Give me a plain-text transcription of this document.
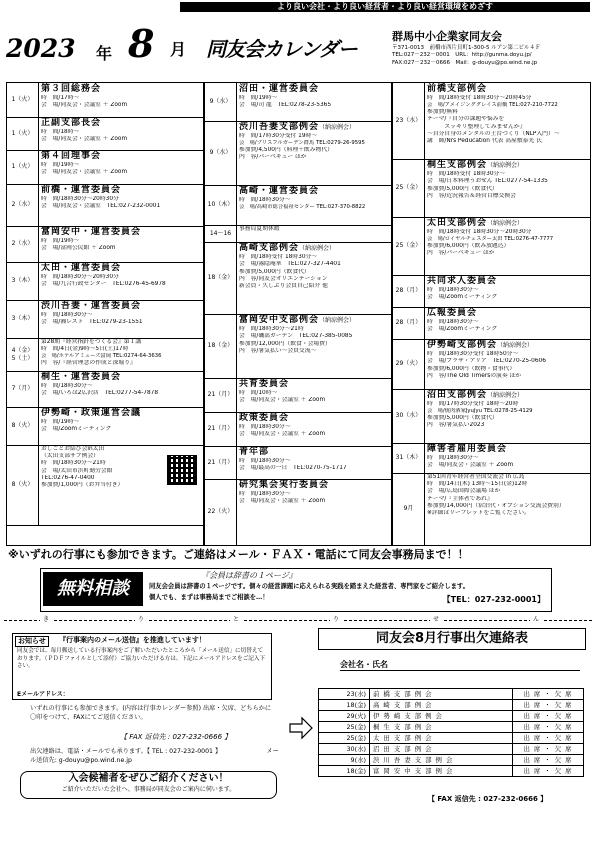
より良い会社・より良い経営者・より良い経営環境をめざす
2023 年 8 月 同友会カレンダー
群馬中小企業家同友会
〒371-0013　前橋市西片貝町1-300-5 ルアン第二ビル４Ｆ
TEL:027－232－0001　URL：http://gunma.doyu.jp/
FAX:027－232－0666　Mail：g-douyu@po.wind.ne.jp
1（火）
第３回総務会
時　間/17時～
会　場/同友会・会議室 ＋ Zoom
1（火）
正副支部長会
時　間/18時～
会　場/同友会・会議室 ＋ Zoom
1（火）
第４回理事会
時　間/19時～
会　場/同友会・会議室 ＋ Zoom
2（水）
前橋・運営委員会
時　間/18時30分～20時30分
会　場/同友会・会議室　TEL:027-232-0001
2（水）
富岡安中・運営委員会
時　間/19時～
会　場/富岡公民館 ＋ Zoom
3（木）
太田・運営委員会
時　間/18時30分～20時30分
会　場/九合行政センター　TEL:0276-45-6978
3（木）
渋川吾妻・運営委員会
時　間/18時30分～
会　場/湘レスト　TEL:0279-23-1551
4（金）
5（土）
第28期『経営指針をつくる会』第１講
時　間/4日(金)9時～5日(土)17時
会　場/ホテルアミューズ富岡 TEL:0274-64-3636
内　容/『経営理念の作成と深堀り』
7（月）
桐生・運営委員会
時　間/18時30分～
会　場/いろは2広沢店　TEL:0277-54-7878
8（火）
伊勢崎・政策運営会議
時　間/19時～
会　場/Zoomミーティング
8（火）
おしごとお結び会in太田
（太田支部サブ例会）
時　間/18時30分～21時
会　場/太田市浜町勤労会館
TEL:0276-47-0400
参加費/1,000円（お弁当付き）
9（水）
沼田・運営委員会
時　間/19時～
会　場/司 龍　TEL:0278-23-5365
9（水）
渋川吾妻支部例会（納涼例会）
時　間/17時30分受付 19時～
会　場/ブリスフルガーデン群馬 TEL:0279-26-9595
参加費/4,500円（料理＋飲み物代）
内　容/バーベキュー ほか
10（木）
高崎・運営委員会
時　間/18時30分～
会　場/高崎市総合福祉センター TEL:027-370-8822
14～16
事務局夏期休暇
18（金）
高崎支部例会（納涼例会）
時　間/18時受付 18時30分～
会　場/霧隠庵華　TEL:027-327-4401
参加費/5,000円（飲食代）
内　容/同友会オリエンテーション
新会員・久しぶり会員自己紹介 他
18（金）
富岡安中支部例会（納涼例会）
時　間/18時30分～21時
会　場/磯部ガーデン　TEL:027-385-0085
参加費/12,000円（飲食・会場費）
内　容/暑気払い～会員交流～
21（月）
共育委員会
時　間/10時～
会　場/同友会・会議室 ＋ Zoom
21（月）
政策委員会
時　間/18時30分～
会　場/同友会・会議室 ＋ Zoom
21（月）
青年部
時　間/18時30分～
会　場/最高の一日　TEL:0270-75-1717
22（火）
研究集会実行委員会
時　間/18時30分～
会　場/同友会・会議室 ＋ Zoom
23（水）
前橋支部例会
時　間/18時受付 18時30分～20時45分
会　場/アメイジンググレイス前橋 TEL:027-210-7722
参加費/無料
テーマ/『自分の課題や悩みを
　　　スッキリ整理してみませんか』
～自分自身のメンタルの土台づくり（NLP入門）～
講　師/Nrs Peducation 代表 高屋敷泰光 氏
25（金）
桐生支部例会（納涼例会）
時　間/18時受付 18時30分～
会　場/日本料理うおせん TEL:0277-54-1335
参加費/5,000円（飲食代）
内　容/近況報告＆経営目標交換会
25（金）
太田支部例会（納涼例会）
時　間/18時受付 18時30分～20時30分
会　場/ロイヤルチェスター太田 TEL:0276-47-7777
参加費/6,000円（飲み放題込）
内　容/バーベキュー ほか
28（月）
共同求人委員会
時　間/18時30分～
会　場/Zoomミーティング
28（月）
広報委員会
時　間/18時30分～
会　場/Zoomミーティング
29（火）
伊勢崎支部例会（納涼例会）
時　間/18時30分受付 18時50分～
会　場/プラザ・アリア　TEL:0270-25-0606
参加費/6,000円（飲物・食事代）
内　容/The Old Timersの演奏 ほか
30（水）
沼田支部例会（納涼例会）
時　間/17時30分受付 18時～20時
会　場/焼肉酒家JyuJyu TEL:0278-25-4129
参加費/5,000円（飲食代）
内　容/暑気払い2023
31（木）
障害者雇用委員会
時　間/18時30分～
会　場/同友会・会議室 ＋ Zoom
9月
第51回青年経営者全国交流会 in 広島
時　間/14日(木) 13時～15日(金)12時
会　場/広島国際会議場 ほか
テーマ/『主体者であれ』
参加費/14,000円（宿泊代・オプション交流会費別）
※詳細はリーフレットをご覧ください。
※いずれの行事にも参加できます。ご連絡はメール・ＦＡＸ・電話にて同友会事務局まで！！
無料相談
『会員は辞書の１ページ』
同友会会員は辞書の１ページです。個々の経営課題に応えられる実践を踏まえた経営者、専門家をご紹介します。
個人でも、まずは事務局までご相談を…！	【TEL：027-232-0001】
き	り	と	り	せ	ん
お知らせ	『行事案内のメール送信』を推進しています！
同友会では、毎月郵送している行事案内をご了解いただいたところから「メール送信」に切替えております。（ＰＤＦファイルとして添付）ご協力いただける方は、下記にメールアドレスをご記入下さい。
Eメールアドレス：
いずれの行事にも参加できます。(内容は行事カレンダー参照) 出席・欠席、どちらかに〇印をつけて、FAXにてご返信ください。
【 FAX 返信先 : 027-232-0666 】
出欠連絡は、電話・メールでも承ります。【 TEL : 027-232-0001 】 　　　　　　　メール送信先: g-douyu@po.wind.ne.jp
入会候補者をぜひご紹介ください！
ご紹介いただいた会社へ、事務局が同友会のご案内に伺います。
同友会8月行事出欠連絡表
会社名・氏名
23(水)	前 橋 支 部 例 会	出 席 ・ 欠 席
18(金)	高 崎 支 部 例 会	出 席 ・ 欠 席
29(火)	伊 勢 崎 支 部 例 会	出 席 ・ 欠 席
25(金)	桐 生 支 部 例 会	出 席 ・ 欠 席
25(金)	太 田 支 部 例 会	出 席 ・ 欠 席
30(水)	沼 田 支 部 例 会	出 席 ・ 欠 席
9(水)	渋 川 吾 妻 支 部 例 会	出 席 ・ 欠 席
18(金)	富 岡 安 中 支 部 例 会	出 席 ・ 欠 席
【 FAX 返信先 : 027-232-0666 】
